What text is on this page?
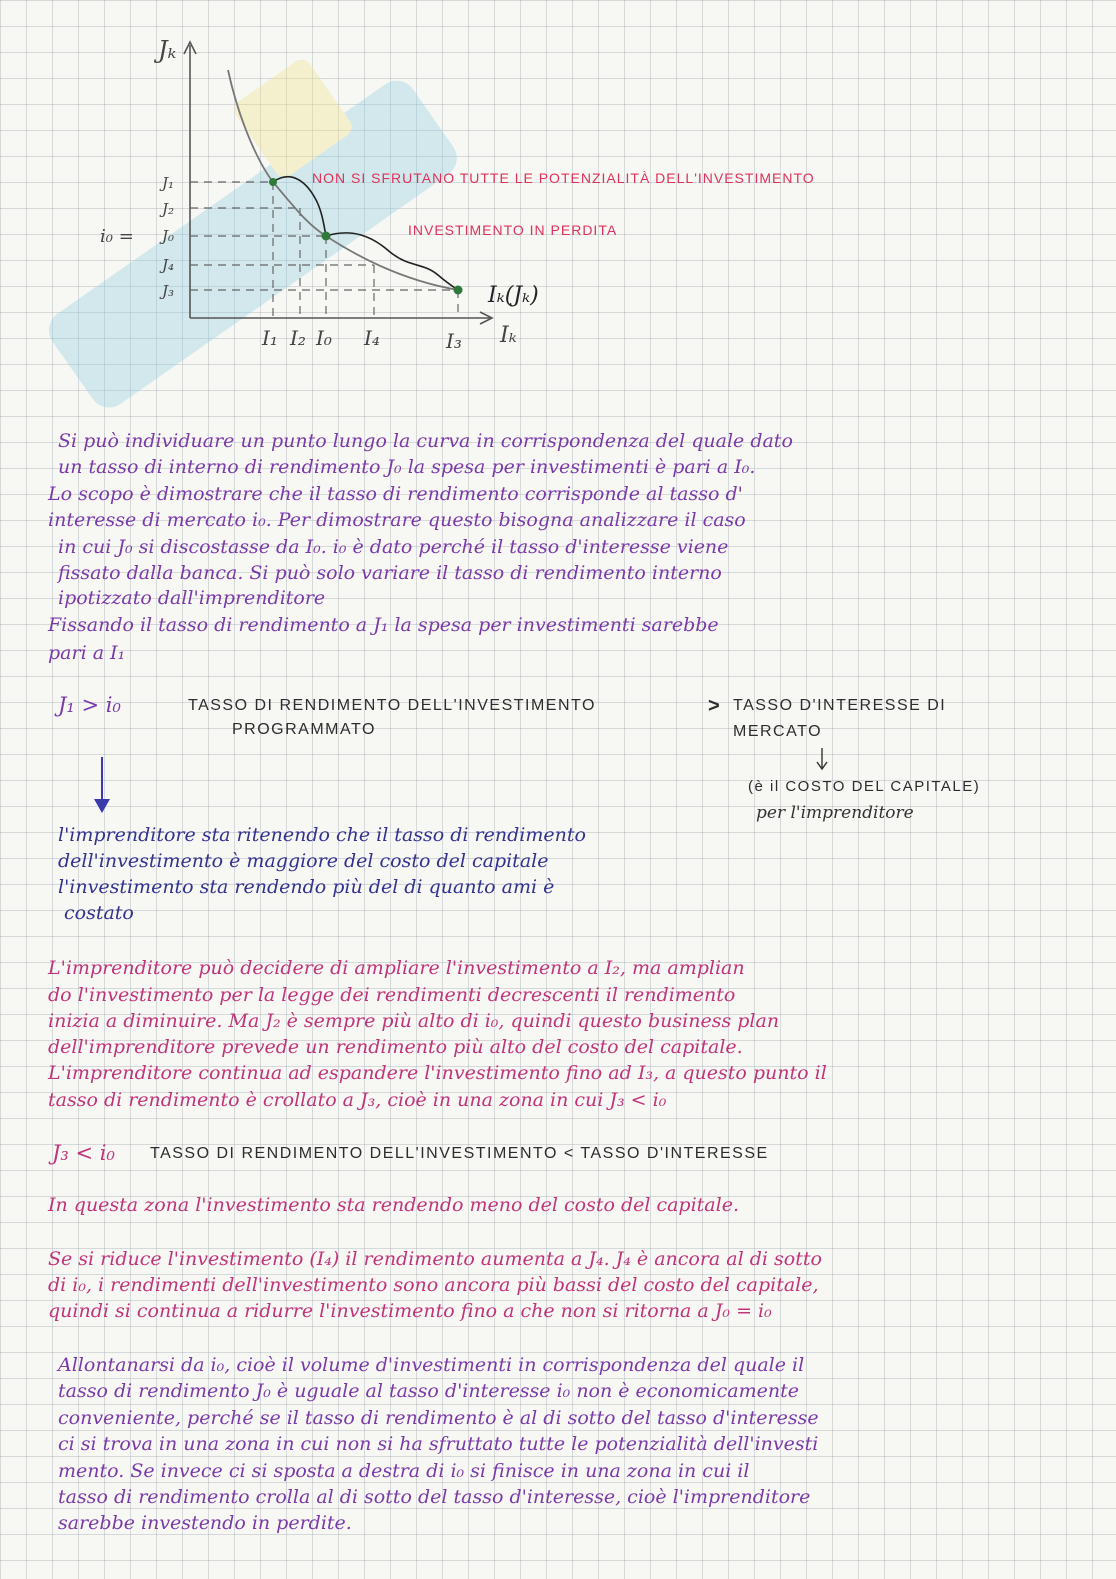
Jₖ
Iₖ
Iₖ(Jₖ)
J₁
J₂
J₀
J₄
J₃
i₀ =
I₁ I₂ I₀ I₄	I₃
NON SI SFRUTANO TUTTE LE POTENZIALITÀ DELL'INVESTIMENTO
INVESTIMENTO IN PERDITA
Si può individuare un punto lungo la curva in corrispondenza del quale dato
un tasso di interno di rendimento J₀ la spesa per investimenti è pari a I₀.
Lo scopo è dimostrare che il tasso di rendimento corrisponde al tasso d'
interesse di mercato i₀. Per dimostrare questo bisogna analizzare il caso
in cui J₀ si discostasse da I₀. i₀ è dato perché il tasso d'interesse viene
fissato dalla banca. Si può solo variare il tasso di rendimento interno
ipotizzato dall'imprenditore
Fissando il tasso di rendimento a J₁ la spesa per investimenti sarebbe
pari a I₁
J₁ > i₀	TASSO DI RENDIMENTO DELL'INVESTIMENTO
PROGRAMMATO
> TASSO D'INTERESSE DI
MERCATO
(è il COSTO DEL CAPITALE)
per l'imprenditore
l'imprenditore sta ritenendo che il tasso di rendimento
dell'investimento è maggiore del costo del capitale
l'investimento sta rendendo più del di quanto ami è
costato
L'imprenditore può decidere di ampliare l'investimento a I₂, ma amplian
do l'investimento per la legge dei rendimenti decrescenti il rendimento
inizia a diminuire. Ma J₂ è sempre più alto di i₀, quindi questo business plan
dell'imprenditore prevede un rendimento più alto del costo del capitale.
L'imprenditore continua ad espandere l'investimento fino ad I₃, a questo punto il
tasso di rendimento è crollato a J₃, cioè in una zona in cui J₃ < i₀
J₃ < i₀ TASSO DI RENDIMENTO DELL'INVESTIMENTO < TASSO D'INTERESSE
In questa zona l'investimento sta rendendo meno del costo del capitale.
Se si riduce l'investimento (I₄) il rendimento aumenta a J₄. J₄ è ancora al di sotto
di i₀, i rendimenti dell'investimento sono ancora più bassi del costo del capitale,
quindi si continua a ridurre l'investimento fino a che non si ritorna a J₀ = i₀
Allontanarsi da i₀, cioè il volume d'investimenti in corrispondenza del quale il
tasso di rendimento J₀ è uguale al tasso d'interesse i₀ non è economicamente
conveniente, perché se il tasso di rendimento è al di sotto del tasso d'interesse
ci si trova in una zona in cui non si ha sfruttato tutte le potenzialità dell'investi
mento. Se invece ci si sposta a destra di i₀ si finisce in una zona in cui il
tasso di rendimento crolla al di sotto del tasso d'interesse, cioè l'imprenditore
sarebbe investendo in perdite.
